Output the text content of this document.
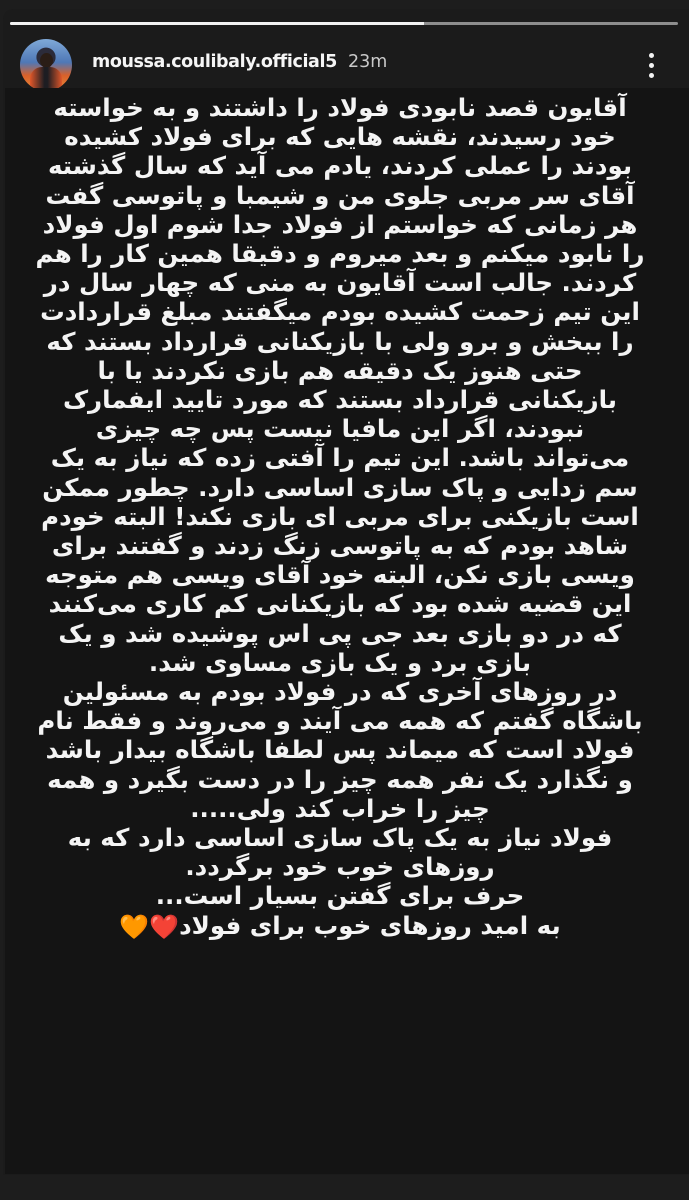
moussa.coulibaly.official5 23m
آقایون قصد نابودی فولاد را داشتند و به خواسته
خود رسیدند، نقشه هایی که برای فولاد کشیده
بودند را عملی کردند، یادم می آید که سال گذشته
آقای سر مربی جلوی من و شیمبا و پاتوسی گفت
هر زمانی که خواستم از فولاد جدا شوم اول فولاد
را نابود میکنم و بعد میروم و دقیقا همین کار را هم
کردند. جالب است آقایون به منی که چهار سال در
این تیم زحمت کشیده بودم میگفتند مبلغ قراردادت
را ببخش و برو ولی با بازیکنانی قرارداد بستند که
حتی هنوز یک دقیقه هم بازی نکردند یا با
بازیکنانی قرارداد بستند که مورد تایید ایفمارک
نبودند، اگر این مافیا نیست پس چه چیزی
می‌تواند باشد. این تیم را آفتی زده که نیاز به یک
سم زدایی و پاک سازی اساسی دارد. چطور ممکن
است بازیکنی برای مربی ای بازی نکند! البته خودم
شاهد بودم که به پاتوسی زنگ زدند و گفتند برای
ویسی بازی نکن، البته خود آقای ویسی هم متوجه
این قضیه شده بود که بازیکنانی کم کاری می‌کنند
که در دو بازی بعد جی پی اس پوشیده شد و یک
بازی برد و یک بازی مساوی شد.
در روزهای آخری که در فولاد بودم به مسئولین
باشگاه گفتم که همه می آیند و می‌روند و فقط نام
فولاد است که میماند پس لطفا باشگاه بیدار باشد
و نگذارد یک نفر همه چیز را در دست بگیرد و همه
چیز را خراب کند ولی.....
فولاد نیاز به یک پاک سازی اساسی دارد که به
روزهای خوب خود برگردد.
حرف برای گفتن بسیار است...
به امید روزهای خوب برای فولاد❤️🧡
